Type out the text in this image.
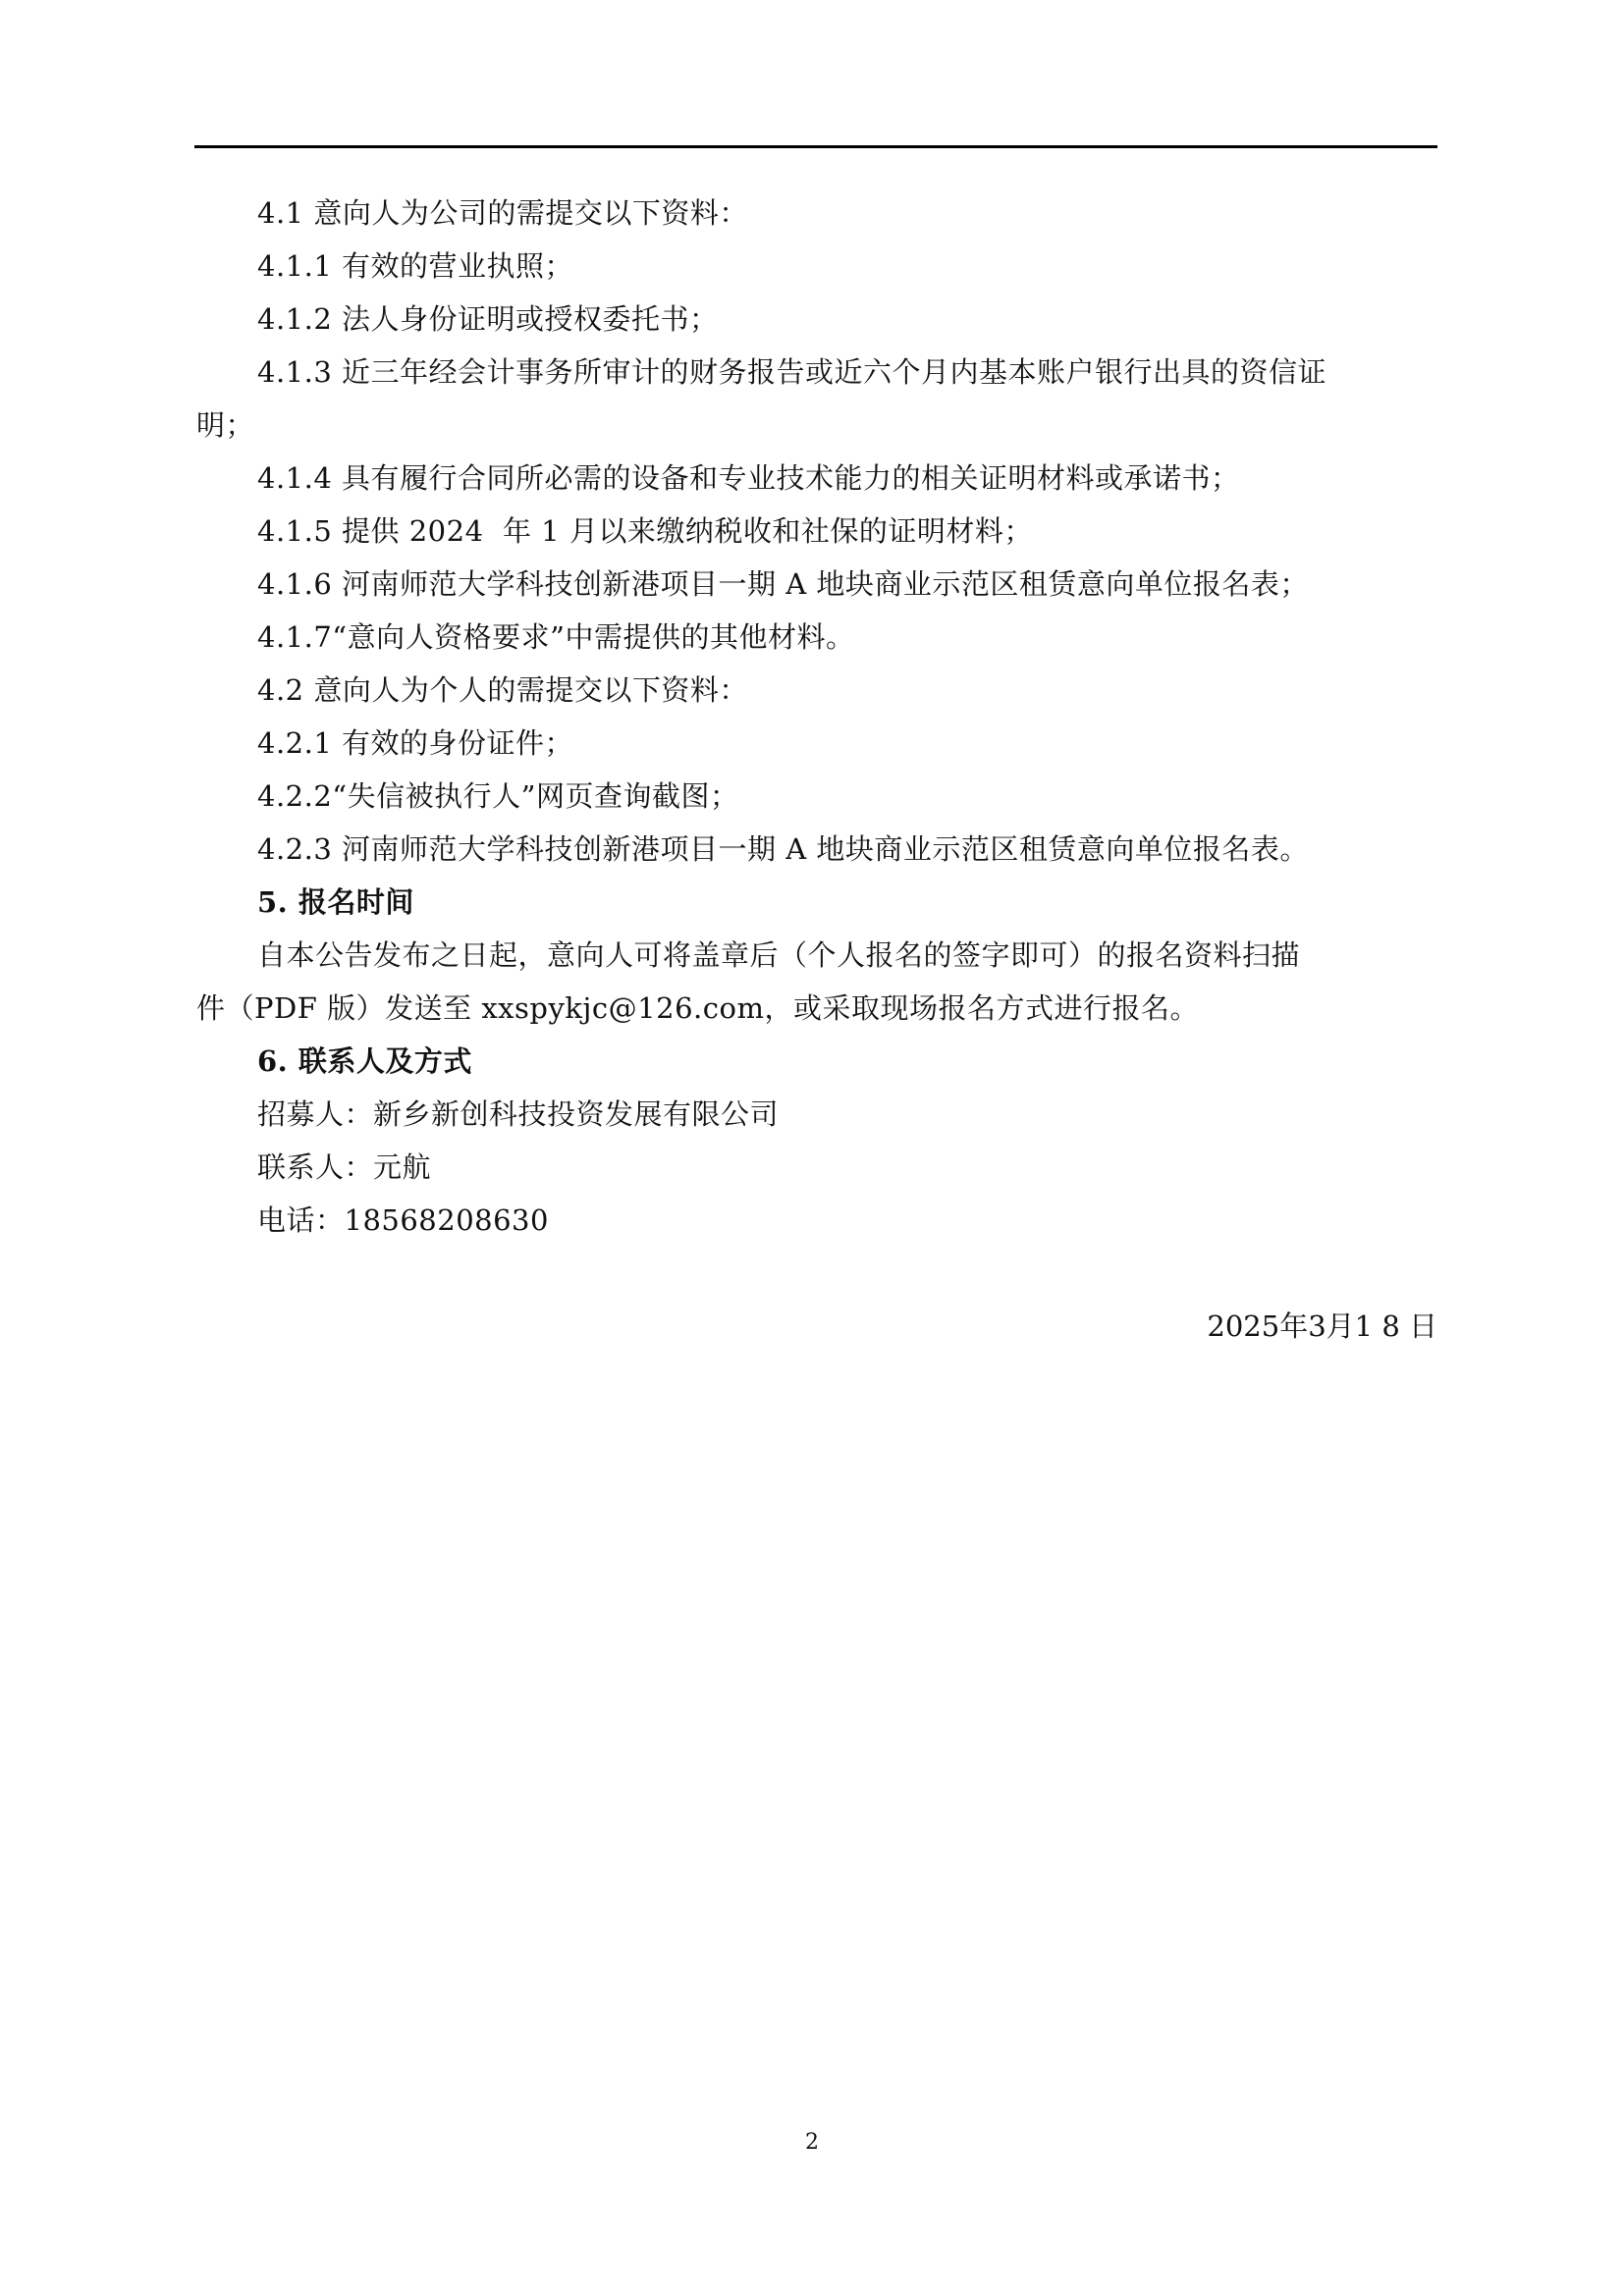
4.1 意向人为公司的需提交以下资料：
4.1.1 有效的营业执照；
4.1.2 法人身份证明或授权委托书；
4.1.3 近三年经会计事务所审计的财务报告或近六个月内基本账户银行出具的资信证
明；
4.1.4 具有履行合同所必需的设备和专业技术能力的相关证明材料或承诺书；
4.1.5 提供 2024  年 1 月以来缴纳税收和社保的证明材料；
4.1.6 河南师范大学科技创新港项目一期 A 地块商业示范区租赁意向单位报名表；
4.1.7“意向人资格要求”中需提供的其他材料。
4.2 意向人为个人的需提交以下资料：
4.2.1 有效的身份证件；
4.2.2“失信被执行人”网页查询截图；
4.2.3 河南师范大学科技创新港项目一期 A 地块商业示范区租赁意向单位报名表。
5. 报名时间
自本公告发布之日起，意向人可将盖章后（个人报名的签字即可）的报名资料扫描
件（PDF 版）发送至 xxspykjc@126.com，或采取现场报名方式进行报名。
6. 联系人及方式
招募人：新乡新创科技投资发展有限公司
联系人：元航
电话：18568208630
2025年3月1 8 日
2
